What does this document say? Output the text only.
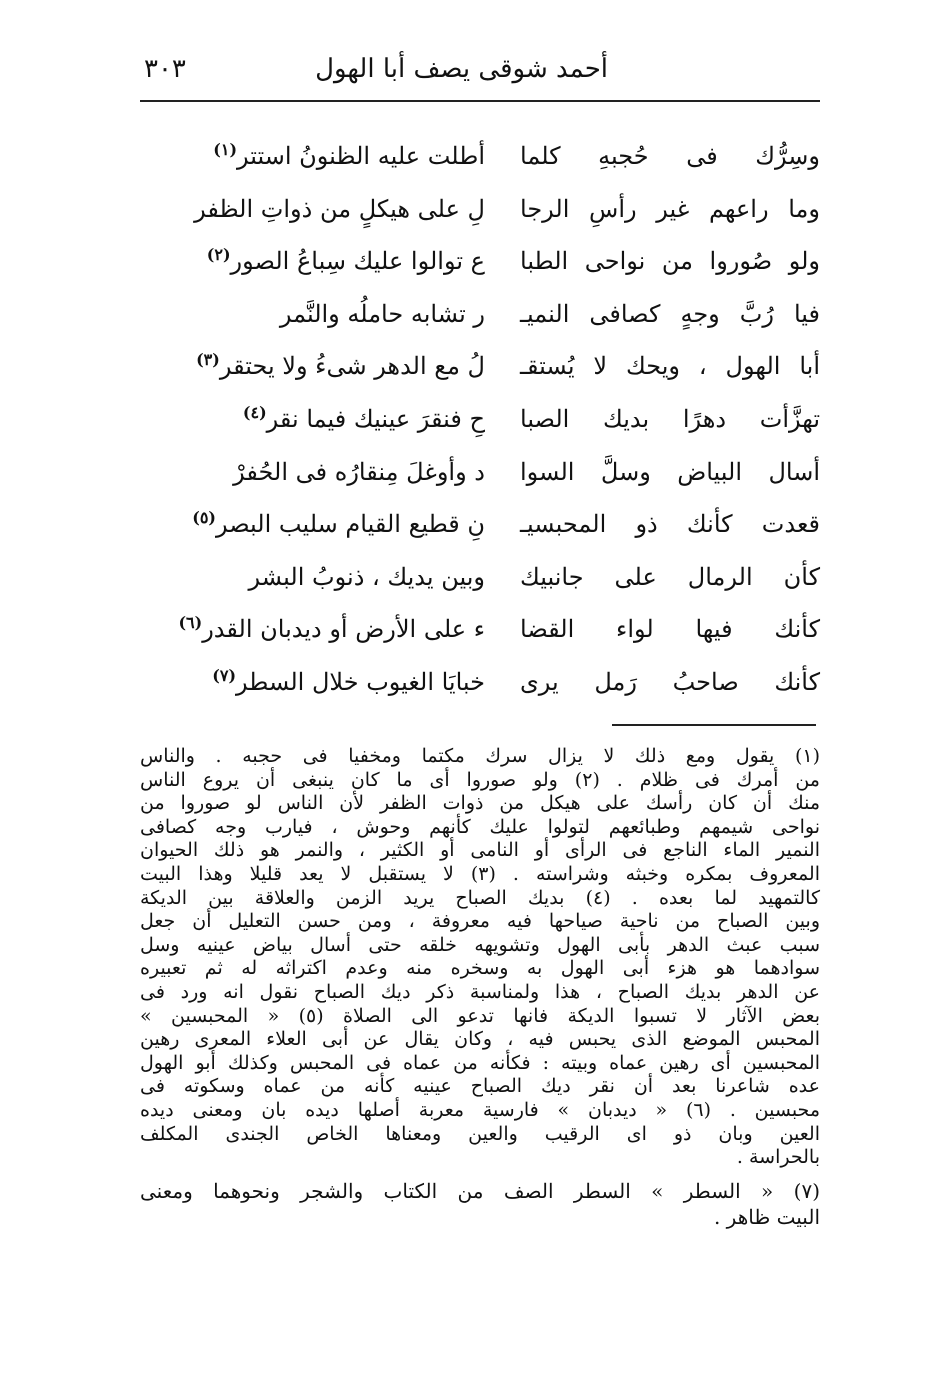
أحمد شوقى يصف أبا الهول
٣٠٣
وسِرُّك فى حُجبهِ كلما
أطلت عليه الظنونُ استتر$^{(١)}$
وما راعهم غير رأسِ الرجا
لِ على هيكلٍ من ذواتِ الظفر
ولو صُوروا من نواحى الطبا
ع توالوا عليك سِباعُ الصور$^{(٢)}$
فيا رُبَّ وجهٍ كصافى النميـ
ر تشابه حاملُه والنَّمر
أبا الهول ، ويحك لا يُستقـ
لُ مع الدهر شىءُ ولا يحتقر$^{(٣)}$
تهزَّأت دهرًا بديك الصبا
حِ فنقرَ عينيك فيما نقر$^{(٤)}$
أسال البياض وسلَّ السوا
د وأوغلَ مِنقارُه فى الحُفرْ
قعدت كأنك ذو المحبسيـ
نِ قطيع القيام سليب البصر$^{(٥)}$
كأن الرمال على جانبيك
وبين يديك ، ذنوبُ البشر
كأنك فيها لواء القضا
ء على الأرض أو ديدبان القدر$^{(٦)}$
كأنك صاحبُ رَمل يرى
خبايَا الغيوب خلال السطر$^{(٧)}$

(١) يقول ومع ذلك لا يزال سرك مكتما ومخفيا فى حجبه . والناس

من أمرك فى ظلام . (٢) ولو صوروا أى ما كان ينبغى أن يروع الناس

منك أن كان رأسك على هيكل من ذوات الظفر لأن الناس لو صوروا من

نواحى شيمهم وطبائعهم لتولوا عليك كأنهم وحوش ، فيارب وجه كصافى

النمير الماء الناجع فى الرأى أو النامى أو الكثير ، والنمر هو ذلك الحيوان

المعروف بمكره وخبثه وشراسته . (٣) لا يستقبل لا يعد قليلا وهذا البيت

كالتمهيد لما بعده . (٤) بديك الصباح يريد الزمن والعلاقة بين الديكة

وبين الصباح من ناحية صياحها فيه معروفة ، ومن حسن التعليل أن جعل

سبب عبث الدهر بأبى الهول وتشويهه خلقه حتى أسال بياض عينيه وسل

سوادهما هو هزء أبى الهول به وسخره منه وعدم اكتراثه له ثم تعبيره

عن الدهر بديك الصباح ، هذا ولمناسبة ذكر ديك الصباح نقول انه ورد فى

بعض الآثار لا تسبوا الديكة فانها تدعو الى الصلاة (٥) « المحبسين »

المحبس الموضع الذى يحبس فيه ، وكان يقال عن أبى العلاء المعرى رهين

المحبسين أى رهين عماه وبيته : فكأنه من عماه فى المحبس وكذلك أبو الهول

عده شاعرنا بعد أن نقر ديك الصباح عينيه كأنه من عماه وسكوته فى

محبسين . (٦) « ديدبان » فارسية معربة أصلها ديده بان ومعنى ديده

العين وبان ذو اى الرقيب والعين ومعناها الخاص الجندى المكلف

بالحراسة .

(٧) « السطر » السطر الصف من الكتاب والشجر ونحوهما ومعنى

البيت ظاهر .
